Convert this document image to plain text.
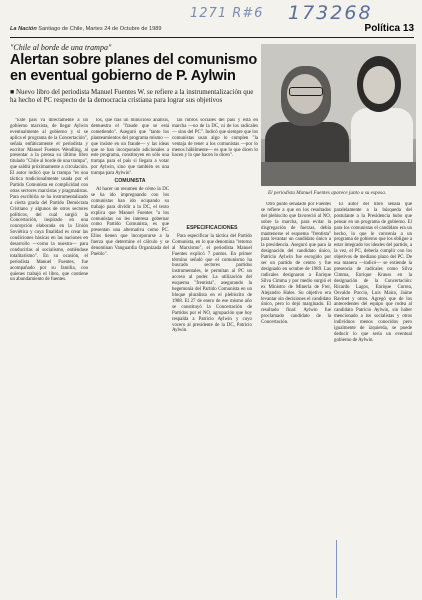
1271 R#6 173268
La Nación Santiago de Chile, Martes 24 de Octubre de 1989	Política 13
"Chile al borde de una trampa"
Alertan sobre planes del comunismo en eventual gobierno de P. Aylwin
■ Nuevo libro del periodista Manuel Fuentes W. se refiere a la instrumentalización que ha hecho el PC respecto de la democracia cristiana para lograr sus objetivos

"Este país va directamente a un gobierno marxista, de llegar Aylwin eventualmente al gobierno y si se aplica el programa de la Concertación", señala enfáticamente el periodista y escritor Manuel Fuentes Wendling, al presentar a la prensa su último libro titulado "Chile al borde de una trampa", que saldrá próximamente a circulación. El autor indicó que la trampa "es una táctica tradicionalmente usada por el Partido Comunista en complicidad con otras sectores marxistas y pragmatistas. Para escribirla se ha instrumentalizado a cierta grada del Partido Demócrata Cristiano y algunos de otros sectores políticos, del cual surgió la Concertación, inspirado en una concepción elaborada en la Unión Soviética y cuya finalidad es crear las condiciones básicas en las naciones en desarrollo —como la nuestra— para conducirlas al socialismo, entiéndase totalitarismo". En su ocasión, el periodista Manuel Fuentes, fue acompañado por su familia, con quienes trabajó el libro, que contiene un abundamiento de fuentes.

los, que tras un minucioso análisis, demuestra el "fraude que se está cometiendo". Aseguró que "tanto los planteamientos del programa mismo —que insiste en un fraude— y las ideas que se han incorporado adicionales a este programa, constituyen en sólo una trampa para el país si llegara a votar por Aylwin, sino que también es una trampa para Aylwin".

COMUNISTA

Al hacer un resumen de cómo la DC se ha ido impregnando con los comunistas han ido ocupando su trabajo para dividir a la DC, el texto explica que Manuel Fuentes "a los comunistas no les interesa gobernar como Partido Comunista, es que presentan una alternativa como PC. Ellos tienen que incorporarse a la fuerza que determine el cálculo y se denominan Vanguardia Organizada del Pueblo".

las rubros sociales del país y está en marcha —no de la DC, ni de los radicales— sino del PC". Indicó que siempre que los comunistas usan algo lo cumplen "la ventaja de tener a los comunistas —por lo menos hábilmente— es que lo que dicen lo hacen y lo que hacen lo dicen".

ESPECIFICACIONES

Para especificar la táctica del Partido Comunista, en lo que denomina "retorno al Marxismo", el periodista Manuel Fuentes explicó 7 puntos. En primer término señaló que el comunismo ha buscado sectores partidos instrumentales, le permitan al PC un acceso al poder. La utilización del esquema "frentista", asegurando la hegemonía del Partido Comunista en un bloque pluralista en el plebiscito de 1988. El 27 de enero de ese mismo año se constituyó la Concertación de Partidos por el NO, agrupación que hoy respalda a Patricio Aylwin y cuyo vocero al presidente de la DC, Patricio Aylwin.

El periodista Manuel Fuentes aparece junto a su esposa.

Otro punto señalado por Fuentes se refiere a que en los resultados del plebiscito que favoreció al NO, sobre la marcha, para evitar la disgregación de fuerzas, debía mantenerse el esquema "frentista" para levantar un candidato único a la presidencia. Aseguró que para la designación del candidato único, Patricio Aylwin fue escogido por ser un partido de centro y fue designado en octubre de 1989. Las radicales designaron a Enrique Silva Cimma y por medio surgió el ex Ministro de Minería de Frei, Alejandro Hales. Su objetivo era levantar sin decisiones el candidato único, pero lo dejó marginado. El resultado final: Aylwin fue proclamado candidato de la Concertación.

El autor del libro señala que paralelamente a la búsqueda del postulante a la Presidencia hubo que pensar en un programa de gobierno. El para los comunistas el candidato era un hecho, lo que le convenía a un programa de gobierno que los obligue a estar integrado los ideales del partido, a la vez, el PC, debería cumplir con los objetivos de mediano plazo del PC. De esa manera —indicó— se extiende la presencia de radicales como Silva Cimma, Enrique Krauss en la designación de la Concertación: Ricardo Lagos, Enrique Correa, Osvaldo Puccio, Luis Maira, Jaime Ravinet y otros. Agregó que de los antecedentes del equipo que rodea al candidato Patricio Aylwin, sin haber mencionado a los socialistas y otros individuos menos conocidos pero igualmente de izquierda, se puede deducir lo que sería un eventual gobierno de Aylwin.
